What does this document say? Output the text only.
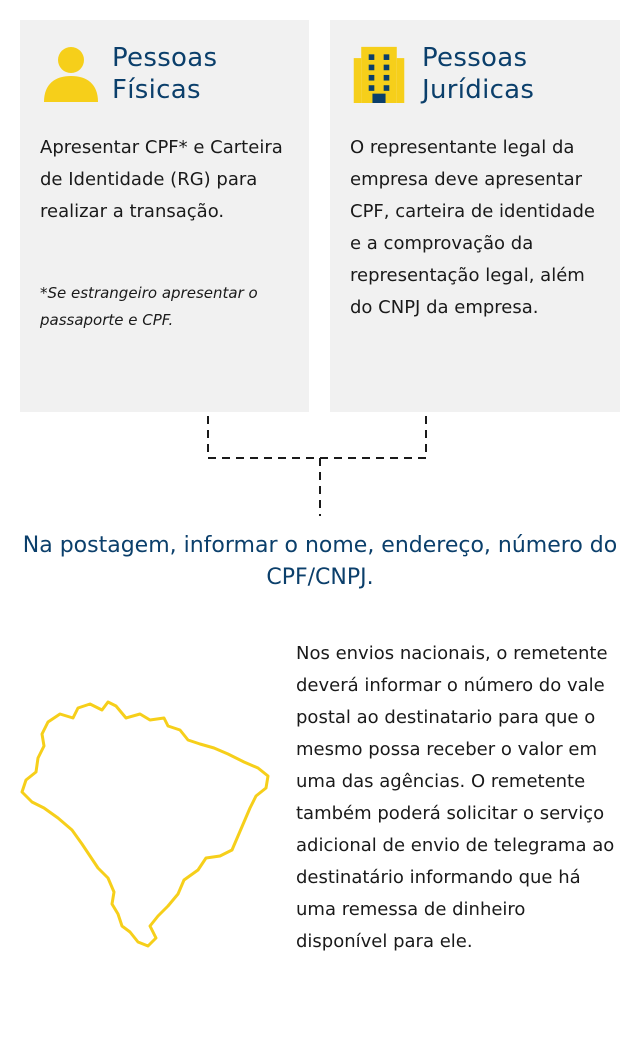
Pessoas
Físicas
Apresentar CPF* e Carteira de Identidade (RG) para realizar a transação.
*Se estrangeiro apresentar o passaporte e CPF.
Pessoas
Jurídicas
O representante legal da empresa deve apresentar CPF, carteira de identidade e a comprovação da representação legal, além do CNPJ da empresa.
Na postagem, informar o nome, endereço, número do CPF/CNPJ.
Nos envios nacionais, o remetente deverá informar o número do vale postal ao destinatario para que o mesmo possa receber o valor em uma das agências. O remetente também poderá solicitar o serviço adicional de envio de telegrama ao destinatário informando que há uma remessa de dinheiro disponível para ele.
